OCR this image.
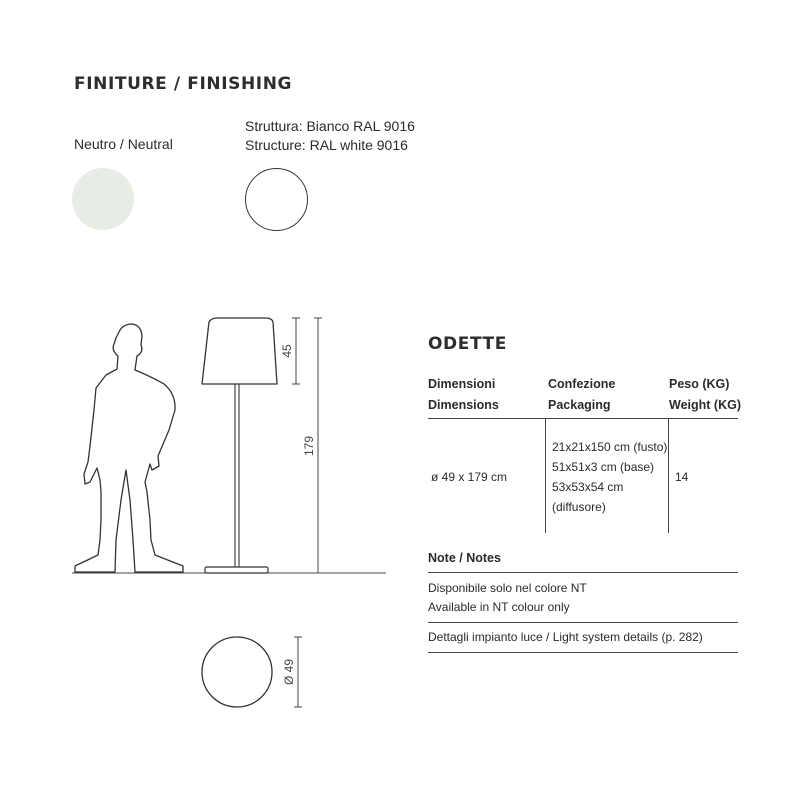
FINITURE / FINISHING
Neutro / Neutral
Struttura: Bianco RAL 9016
Structure: RAL white 9016
45
179
Ø 49
ODETTE
Dimensioni
Dimensions
Confezione
Packaging
Peso (KG)
Weight (KG)
ø 49 x 179 cm
21x21x150 cm (fusto)
51x51x3 cm (base)
53x53x54 cm
(diffusore)
14
Note / Notes
Disponibile solo nel colore NT
Available in NT colour only
Dettagli impianto luce / Light system details (p. 282)
